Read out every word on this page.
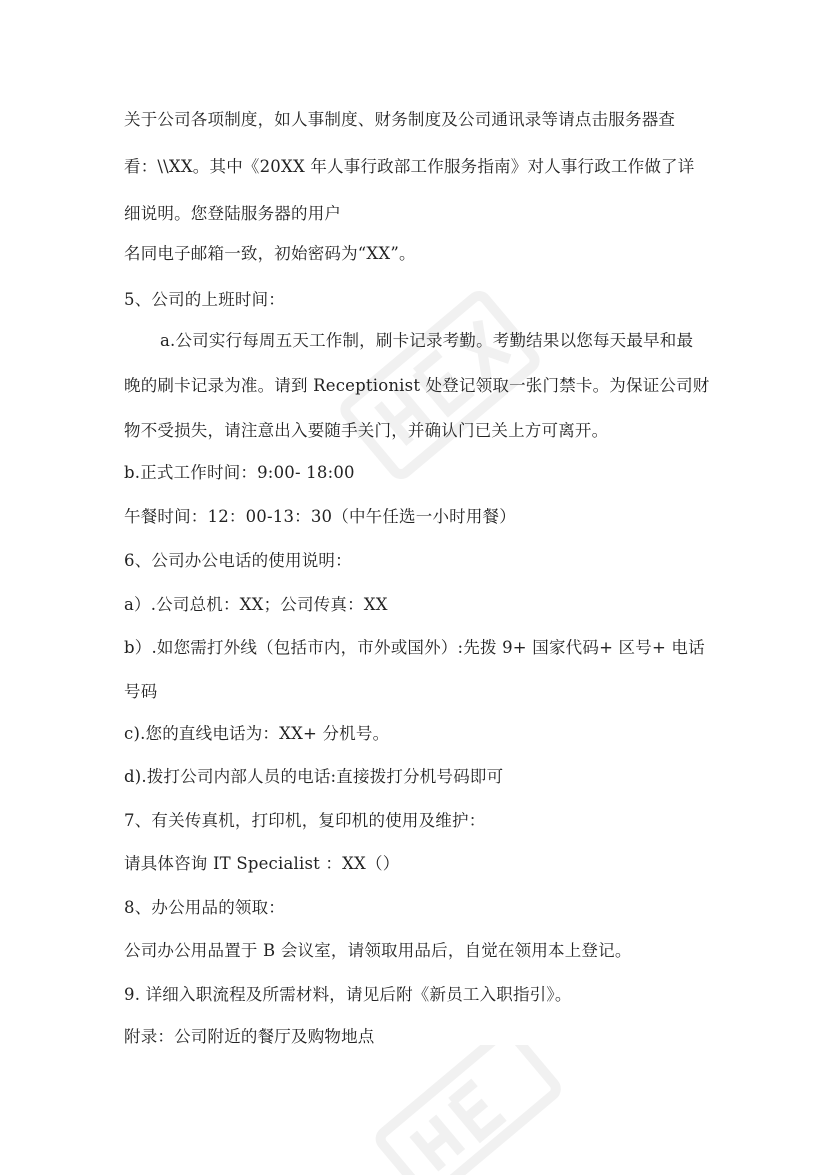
关于公司各项制度，如人事制度、财务制度及公司通讯录等请点击服务器查
看：\\XX。其中《20XX 年人事行政部工作服务指南》对人事行政工作做了详
细说明。您登陆服务器的用户
名同电子邮箱一致，初始密码为“XX”。
5、公司的上班时间：
a.公司实行每周五天工作制，刷卡记录考勤。考勤结果以您每天最早和最
晚的刷卡记录为准。请到 Receptionist 处登记领取一张门禁卡。为保证公司财
物不受损失，请注意出入要随手关门，并确认门已关上方可离开。
b.正式工作时间：9:00- 18:00
午餐时间：12：00-13：30（中午任选一小时用餐）
6、公司办公电话的使用说明：
a）.公司总机：XX；公司传真：XX
b）.如您需打外线（包括市内，市外或国外）:先拨 9+ 国家代码+ 区号+ 电话
号码
c).您的直线电话为：XX+ 分机号。
d).拨打公司内部人员的电话:直接拨打分机号码即可
7、有关传真机，打印机，复印机的使用及维护：
请具体咨询 IT Specialist ：XX（）
8、办公用品的领取：
公司办公用品置于 B 会议室，请领取用品后，自觉在领用本上登记。
9. 详细入职流程及所需材料，请见后附《新员工入职指引》。
附录：公司附近的餐厅及购物地点
